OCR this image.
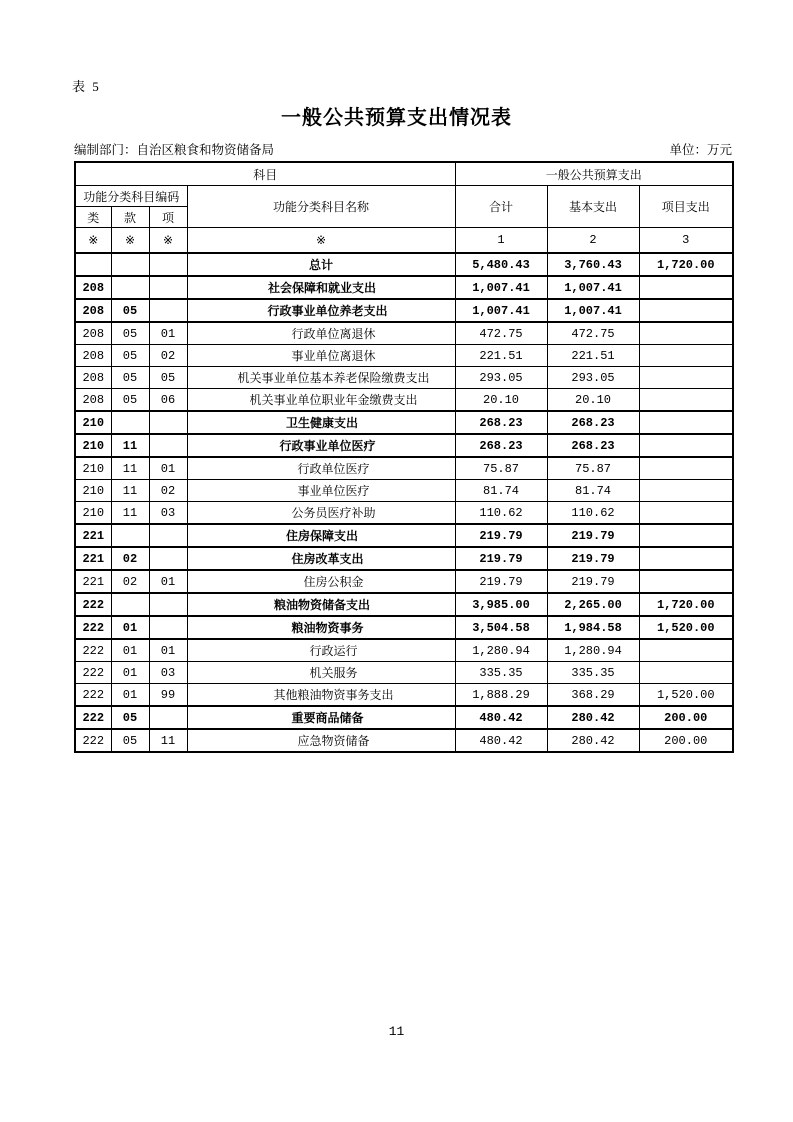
表 5
一般公共预算支出情况表
编制部门：自治区粮食和物资储备局	单位：万元
科目				一般公共预算支出		
功能分类科目编码			功能分类科目名称	合计	基本支出	项目支出
类	款	项				
※	※	※	※	1	2	3
			总计	5,480.43	3,760.43	1,720.00
208			社会保障和就业支出	1,007.41	1,007.41	
208	05		行政事业单位养老支出	1,007.41	1,007.41	
208	05	01	行政单位离退休	472.75	472.75	
208	05	02	事业单位离退休	221.51	221.51	
208	05	05	机关事业单位基本养老保险缴费支出	293.05	293.05	
208	05	06	机关事业单位职业年金缴费支出	20.10	20.10	
210			卫生健康支出	268.23	268.23	
210	11		行政事业单位医疗	268.23	268.23	
210	11	01	行政单位医疗	75.87	75.87	
210	11	02	事业单位医疗	81.74	81.74	
210	11	03	公务员医疗补助	110.62	110.62	
221			住房保障支出	219.79	219.79	
221	02		住房改革支出	219.79	219.79	
221	02	01	住房公积金	219.79	219.79	
222			粮油物资储备支出	3,985.00	2,265.00	1,720.00
222	01		粮油物资事务	3,504.58	1,984.58	1,520.00
222	01	01	行政运行	1,280.94	1,280.94	
222	01	03	机关服务	335.35	335.35	
222	01	99	其他粮油物资事务支出	1,888.29	368.29	1,520.00
222	05		重要商品储备	480.42	280.42	200.00
222	05	11	应急物资储备	480.42	280.42	200.00
11
